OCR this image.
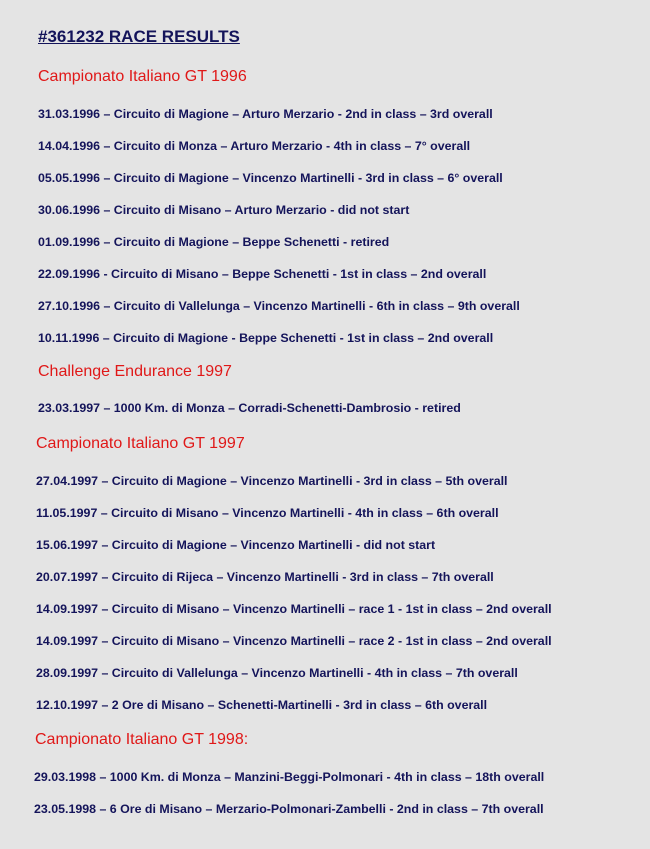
#361232 RACE RESULTS
Campionato Italiano GT 1996
31.03.1996 – Circuito di Magione – Arturo Merzario - 2nd in class – 3rd overall
14.04.1996 – Circuito di Monza – Arturo Merzario - 4th in class – 7° overall
05.05.1996 – Circuito di Magione – Vincenzo Martinelli - 3rd in class – 6° overall
30.06.1996 – Circuito di Misano – Arturo Merzario - did not start
01.09.1996 – Circuito di Magione – Beppe Schenetti - retired
22.09.1996 - Circuito di Misano – Beppe Schenetti - 1st in class – 2nd overall
27.10.1996 – Circuito di Vallelunga – Vincenzo Martinelli - 6th in class – 9th overall
10.11.1996 – Circuito di Magione - Beppe Schenetti - 1st in class – 2nd overall
Challenge Endurance 1997
23.03.1997 – 1000 Km. di Monza – Corradi-Schenetti-Dambrosio - retired
Campionato Italiano GT 1997
27.04.1997 – Circuito di Magione – Vincenzo Martinelli - 3rd in class – 5th overall
11.05.1997 – Circuito di Misano – Vincenzo Martinelli - 4th in class – 6th overall
15.06.1997 – Circuito di Magione – Vincenzo Martinelli - did not start
20.07.1997 – Circuito di Rijeca – Vincenzo Martinelli - 3rd in class – 7th overall
14.09.1997 – Circuito di Misano – Vincenzo Martinelli – race 1 - 1st in class – 2nd overall
14.09.1997 – Circuito di Misano – Vincenzo Martinelli – race 2 - 1st in class – 2nd overall
28.09.1997 – Circuito di Vallelunga – Vincenzo Martinelli - 4th in class – 7th overall
12.10.1997 – 2 Ore di Misano – Schenetti-Martinelli - 3rd in class – 6th overall
Campionato Italiano GT 1998:
29.03.1998 – 1000 Km. di Monza – Manzini-Beggi-Polmonari - 4th in class – 18th overall
23.05.1998 – 6 Ore di Misano – Merzario-Polmonari-Zambelli - 2nd in class – 7th overall
